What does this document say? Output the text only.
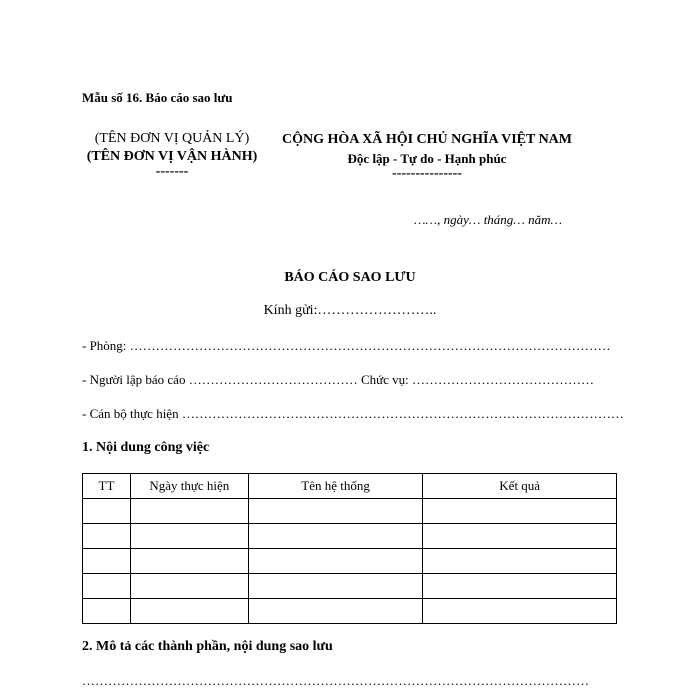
Mẫu số 16. Báo cáo sao lưu
(TÊN ĐƠN VỊ QUẢN LÝ)
(TÊN ĐƠN VỊ VẬN HÀNH)
-------
CỘNG HÒA XÃ HỘI CHỦ NGHĨA VIỆT NAM
Độc lập - Tự do - Hạnh phúc
---------------
……, ngày… tháng… năm…
BÁO CÁO SAO LƯU
Kính gửi:……………………..
- Phòng: …………………………………………………………………………………………………
- Người lập báo cáo ………………………………… Chức vụ: ……………………………………
- Cán bộ thực hiện …………………………………………………………………………………………
1. Nội dung công việc
TT	Ngày thực hiện	Tên hệ thống	Kết quả

2. Mô tả các thành phần, nội dung sao lưu
………………………………………………………………………………………………………
